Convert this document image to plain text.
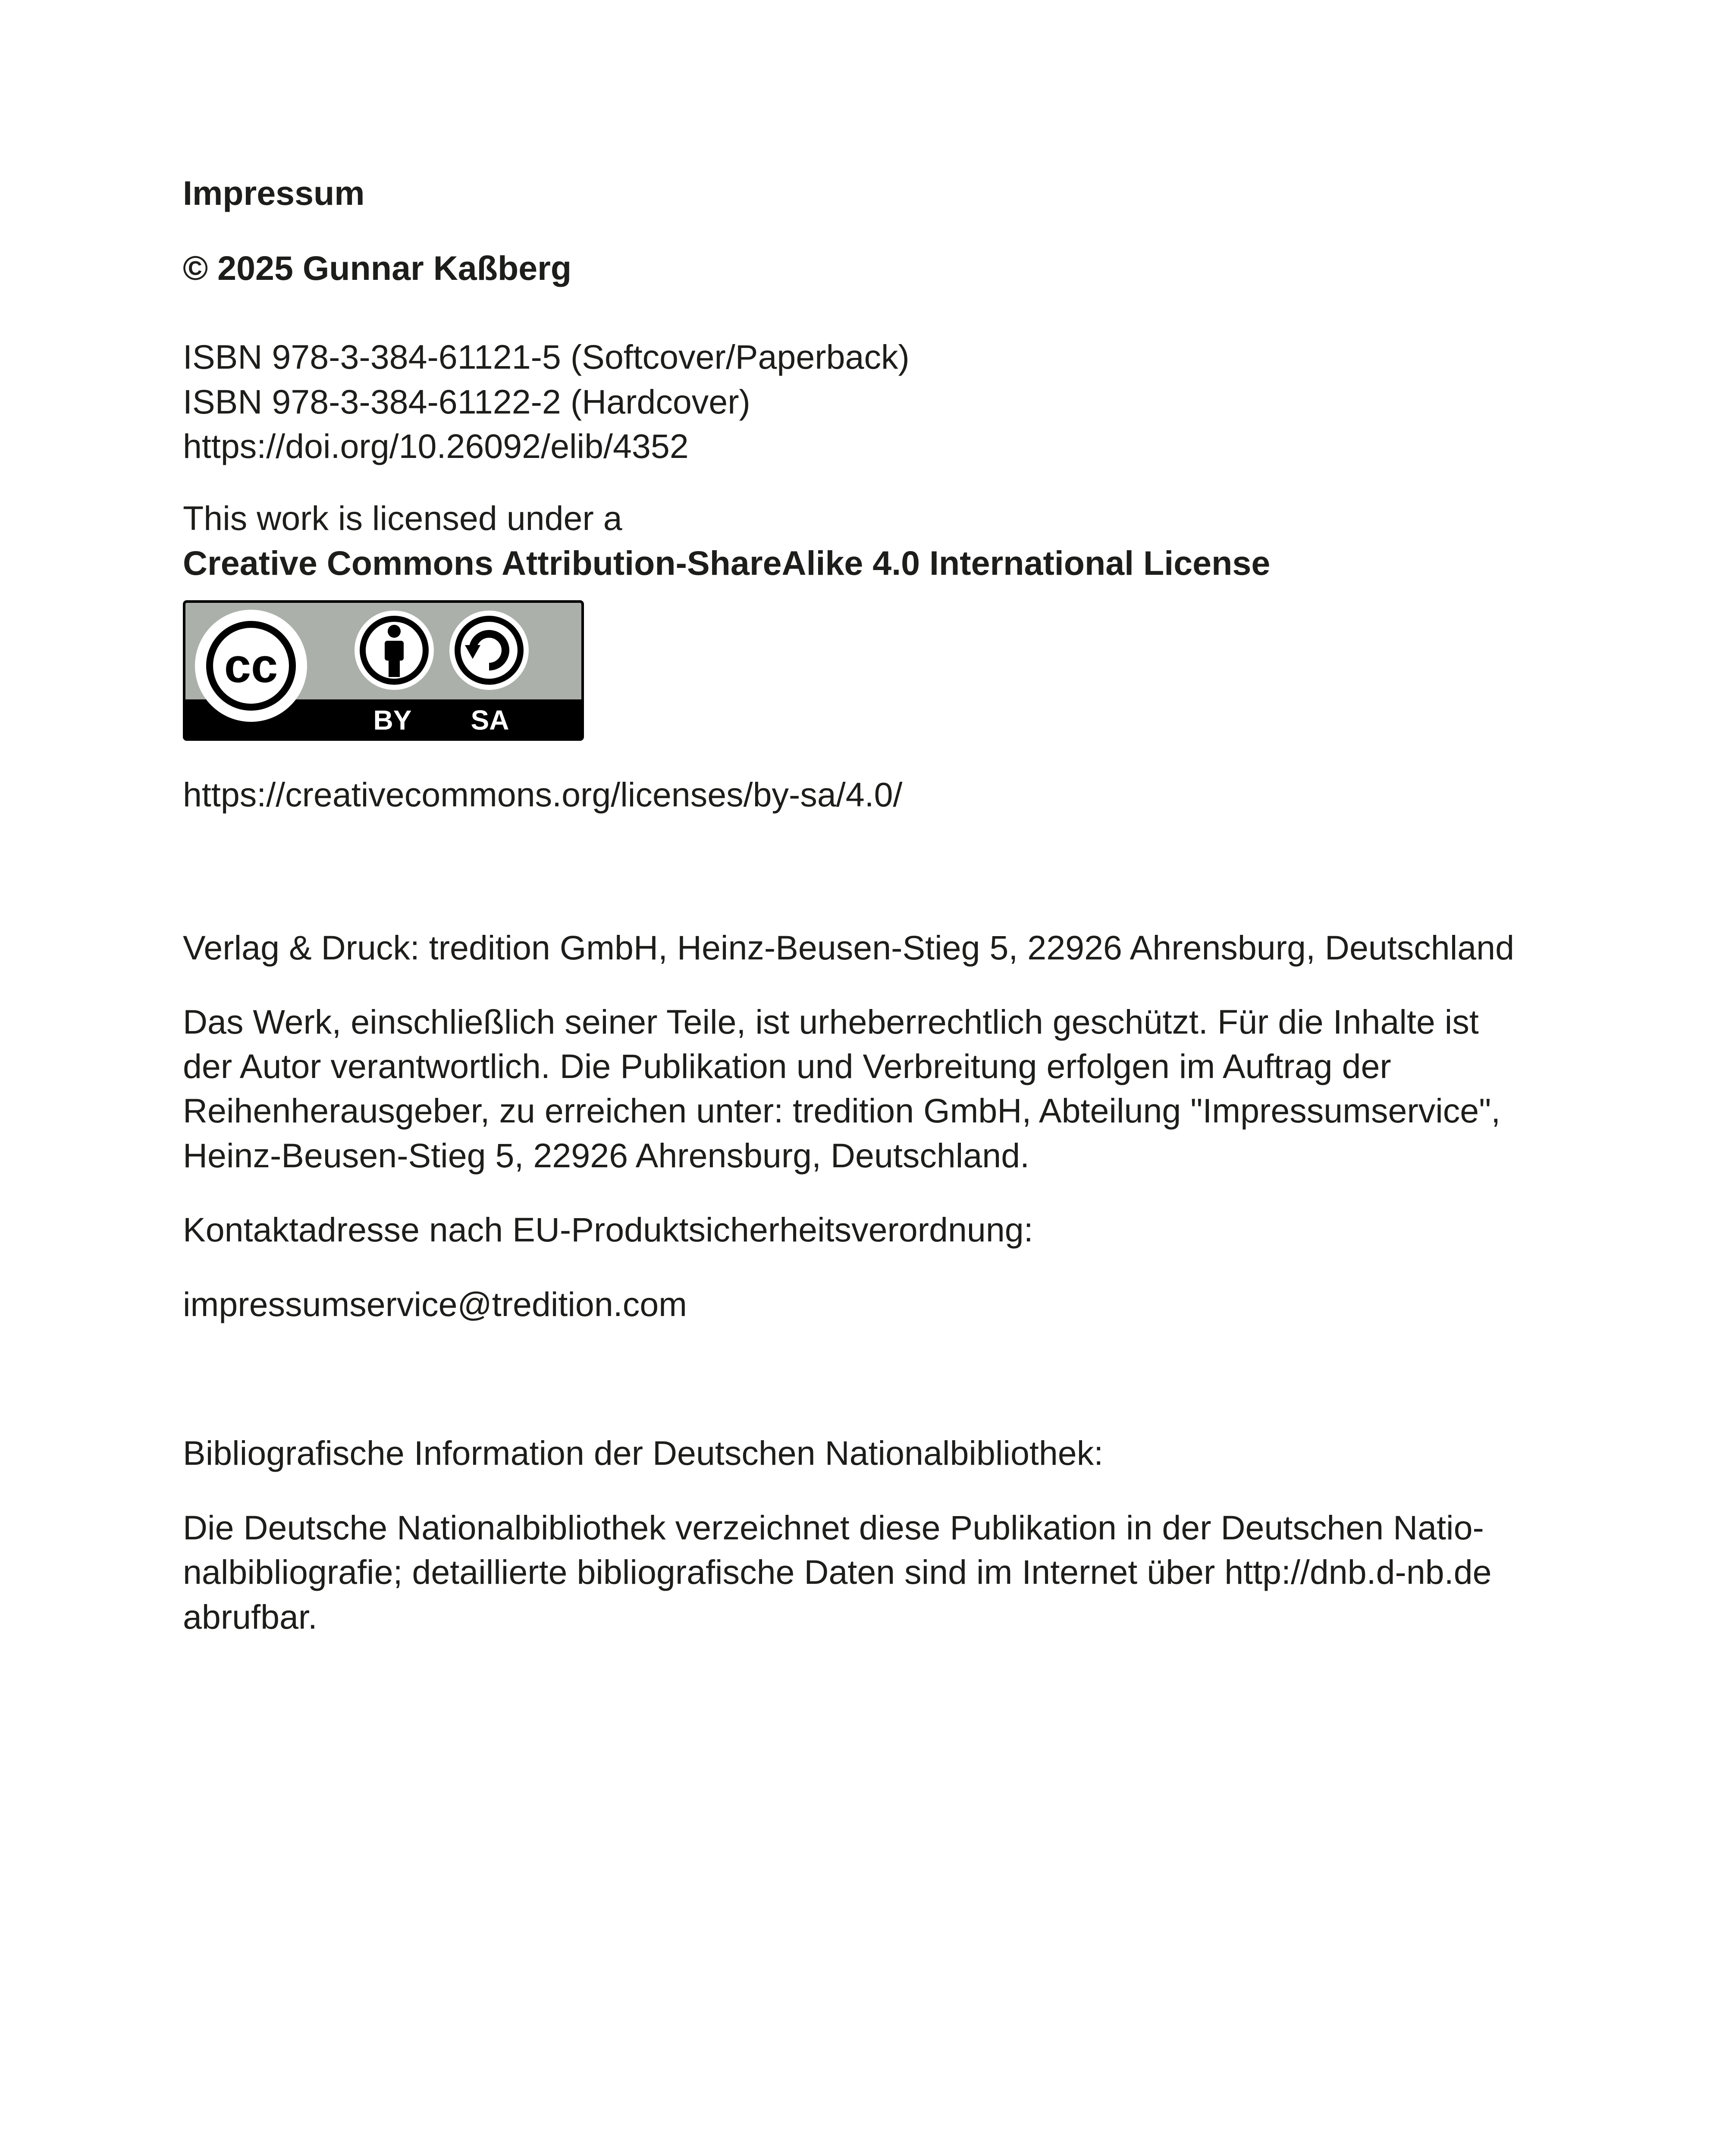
Impressum

© 2025 Gunnar Kaßberg

ISBN 978-3-384-61121-5 (Softcover/Paperback)

ISBN 978-3-384-61122-2 (Hardcover)

https://doi.org/10.26092/elib/4352

This work is licensed under a

Creative Commons Attribution-ShareAlike 4.0 International License

cc
BY SA

https://creativecommons.org/licenses/by-sa/4.0/

Verlag & Druck: tredition GmbH, Heinz-Beusen-Stieg 5, 22926 Ahrensburg, Deutschland

Das Werk, einschließlich seiner Teile, ist urheberrechtlich geschützt. Für die Inhalte ist

der Autor verantwortlich. Die Publikation und Verbreitung erfolgen im Auftrag der

Reihenherausgeber, zu erreichen unter: tredition GmbH, Abteilung "Impressumservice",

Heinz-Beusen-Stieg 5, 22926 Ahrensburg, Deutschland.

Kontaktadresse nach EU-Produktsicherheitsverordnung:

impressumservice@tredition.com

Bibliografische Information der Deutschen Nationalbibliothek:

Die Deutsche Nationalbibliothek verzeichnet diese Publikation in der Deutschen Natio-

nalbibliografie; detaillierte bibliografische Daten sind im Internet über http://dnb.d-nb.de

abrufbar.
